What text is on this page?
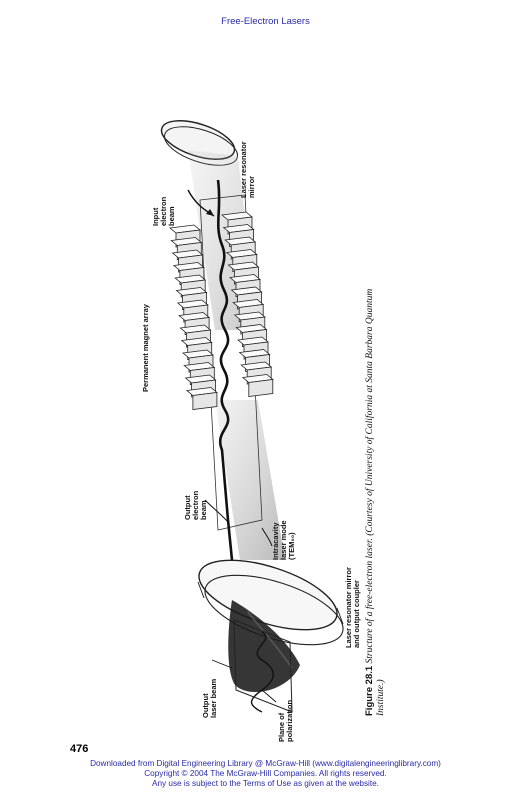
Free-Electron Lasers
Laser resonator
mirror
Input
electron
beam
Permanent magnet array
Output
electron
beam
Intracavity
laser mode
(TEM₀₀)
Laser resonator mirror
and output coupler
Output
laser beam
Plane of
polarization
Figure 28.1 Structure of a free-electron laser. (Courtesy of University of California at Santa Barbara Quantum Institute.)
476
Downloaded from Digital Engineering Library @ McGraw-Hill (www.digitalengineeringlibrary.com)
Copyright © 2004 The McGraw-Hill Companies. All rights reserved.
Any use is subject to the Terms of Use as given at the website.
